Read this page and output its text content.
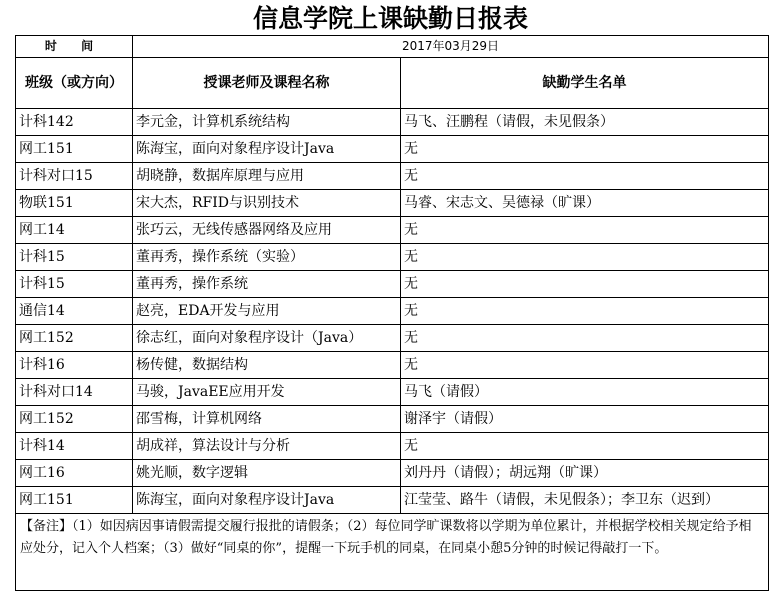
信息学院上课缺勤日报表
时 间	2017年03月29日	
班级（或方向）	授课老师及课程名称	缺勤学生名单
计科142	李元金，计算机系统结构	马飞、汪鹏程（请假，未见假条）
网工151	陈海宝，面向对象程序设计Java	无
计科对口15	胡晓静，数据库原理与应用	无
物联151	宋大杰，RFID与识别技术	马睿、宋志文、吴德禄（旷课）
网工14	张巧云，无线传感器网络及应用	无
计科15	董再秀，操作系统（实验）	无
计科15	董再秀，操作系统	无
通信14	赵亮，EDA开发与应用	无
网工152	徐志红，面向对象程序设计（Java）	无
计科16	杨传健，数据结构	无
计科对口14	马骏，JavaEE应用开发	马飞（请假）
网工152	邵雪梅，计算机网络	谢泽宇（请假）
计科14	胡成祥，算法设计与分析	无
网工16	姚光顺，数字逻辑	刘丹丹（请假）；胡远翔（旷课）
网工151	陈海宝，面向对象程序设计Java	江莹莹、路牛（请假，未见假条）；李卫东（迟到）
【备注】（1）如因病因事请假需提交履行报批的请假条；（2）每位同学旷课数将以学期为单位累计，并根据学校相关规定给予相应处分，记入个人档案；（3）做好“同桌的你”，提醒一下玩手机的同桌，在同桌小憩5分钟的时候记得敲打一下。		
